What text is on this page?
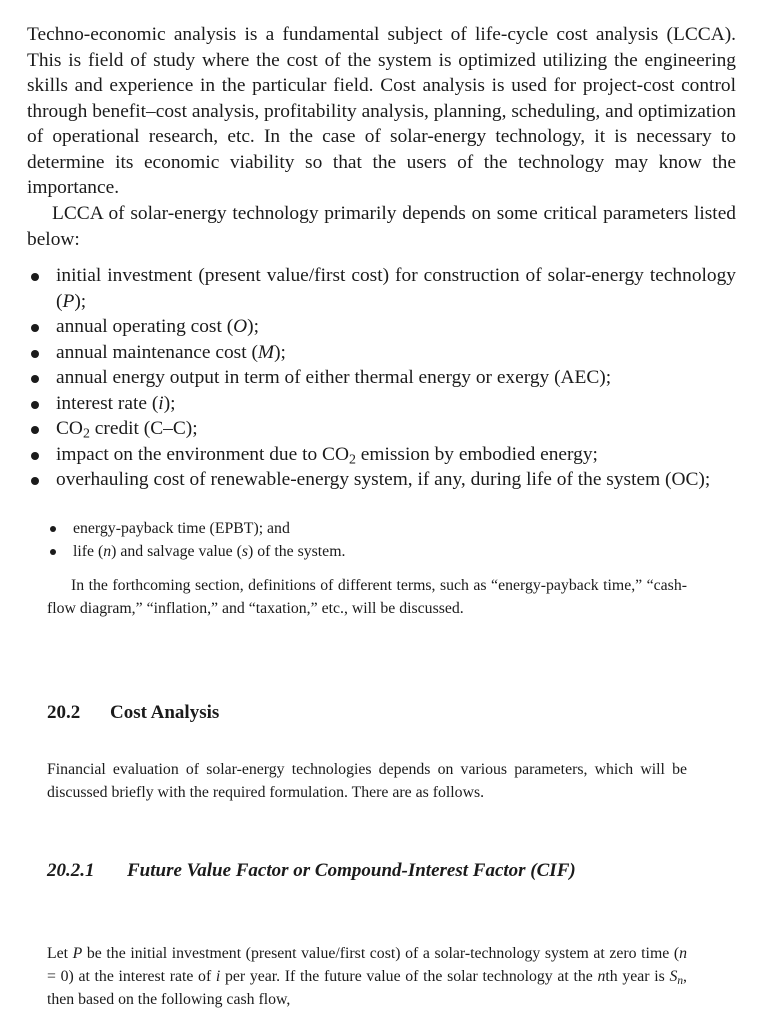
Techno-economic analysis is a fundamental subject of life-cycle cost analysis (LCCA). This is field of study where the cost of the system is optimized utilizing the engineering skills and experience in the particular field. Cost analysis is used for project-cost control through benefit–cost analysis, profitability analysis, planning, scheduling, and optimization of operational research, etc. In the case of solar-energy technology, it is necessary to determine its economic viability so that the users of the technology may know the importance.

LCCA of solar-energy technology primarily depends on some critical parameters listed below:

initial investment (present value/first cost) for construction of solar-energy technology (P);
annual operating cost (O);
annual maintenance cost (M);
annual energy output in term of either thermal energy or exergy (AEC);
interest rate (i);
$CO_2$ credit (C–C);
impact on the environment due to $CO_2$ emission by embodied energy;
overhauling cost of renewable-energy system, if any, during life of the system (OC);
energy-payback time (EPBT); and
life (n) and salvage value (s) of the system.

In the forthcoming section, definitions of different terms, such as “energy-payback time,” “cash-flow diagram,” “inflation,” and “taxation,” etc., will be discussed.

20.2 Cost Analysis

Financial evaluation of solar-energy technologies depends on various parameters, which will be discussed briefly with the required formulation. There are as follows.

20.2.1 Future Value Factor or Compound-Interest Factor (CIF)

Let P be the initial investment (present value/first cost) of a solar-technology system at zero time (n = 0) at the interest rate of i per year. If the future value of the solar technology at the nth year is $S_n$, then based on the following cash flow,
